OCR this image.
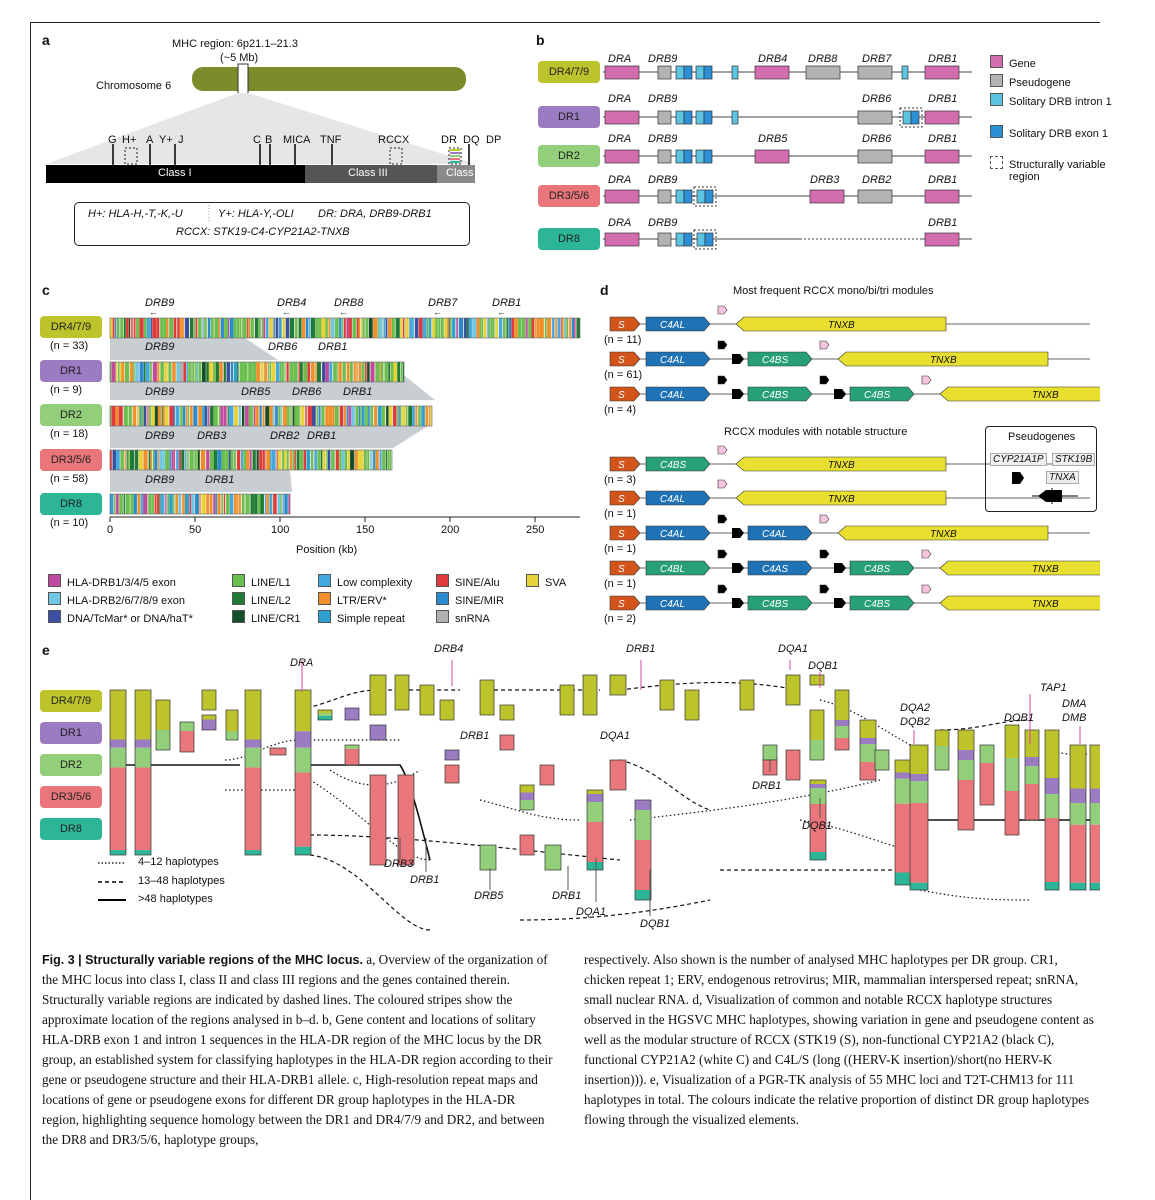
a	MHC region: 6p21.1–21.3
(~5 Mb)
Chromosome 6
G H+ A Y+ J	C B MICA TNF	RCCX	DR DQ DP
Class I	Class III	Class II
H+: HLA-H,-T,-K,-U	Y+: HLA-Y,-OLI DR: DRA, DRB9-DRB1
RCCX: STK19-C4-CYP21A2-TNXB
b
DR4/7/9
DR1
DR2
DR3/5/6
DR8
DRA DRB9	DRB4 DRB8 DRB7	DRB1
DRA DRB9	DRB6	DRB1
DRA DRB9	DRB5	DRB6	DRB1
DRA DRB9	DRB3 DRB2	DRB1
DRA DRB9	DRB1
Gene
Pseudogene
Solitary DRB intron 1
Solitary DRB exon 1
Structurally variable region
c
DR4/7/9
(n = 33)
DR1
(n = 9)
DR2
(n = 18)
DR3/5/6
(n = 58)
DR8
(n = 10)
0	50	100	150	200	250
Position (kb)
DRB9	DRB4	DRB8	DRB7	DRB1
DRB9	DRB6 DRB1
DRB9	DRB5 DRB6 DRB1
DRB9 DRB3	DRB2 DRB1
DRB9	DRB1
←	←	←	←	←
HLA-DRB1/3/4/5 exon	LINE/L1	Low complexity	SINE/Alu	SVA
HLA-DRB2/6/7/8/9 exon	LINE/L2	LTR/ERV*	SINE/MIR
DNA/TcMar* or DNA/haT*	LINE/CR1	Simple repeat	snRNA
d	Most frequent RCCX mono/bi/tri modules
RCCX modules with notable structure
S	C4AL	TNXB
S	C4AL	C4BS	TNXB
S	C4AL	C4BS	C4BS	TNXB
S	C4BS	TNXB
S	C4AL	TNXB
S	C4AL	C4AL	TNXB
S	C4BL	C4AS	C4BS	TNXB
S	C4AL	C4BS	C4BS	TNXB
(n = 11)
(n = 61)
(n = 4)
(n = 3)
(n = 1)
(n = 1)
(n = 1)
(n = 2)
Pseudogenes
CYP21A1P	STK19B
TNXA
e
DR4/7/9
DR1
DR2
DR3/5/6
DR8
DRA
DRB4	DRB1	DQA1
DQB1
DRB1	DQA1
DQA2
DQB2
DRB1
TAP1
DMA
DMB
DOB1
DQB1
DRB3
DRB1
DRB5	DRB1
DQA1
DQB1
4–12 haplotypes
13–48 haplotypes
>48 haplotypes
Fig. 3 | Structurally variable regions of the MHC locus. a, Overview of the organization of the MHC locus into class I, class II and class III regions and the genes contained therein. Structurally variable regions are indicated by dashed lines. The coloured stripes show the approximate location of the regions analysed in b–d. b, Gene content and locations of solitary HLA-DRB exon 1 and intron 1 sequences in the HLA-DR region of the MHC locus by the DR group, an established system for classifying haplotypes in the HLA-DR region according to their gene or pseudogene structure and their HLA-DRB1 allele. c, High-resolution repeat maps and locations of gene or pseudogene exons for different DR group haplotypes in the HLA-DR region, highlighting sequence homology between the DR1 and DR4/7/9 and DR2, and between the DR8 and DR3/5/6, haplotype groups,
respectively. Also shown is the number of analysed MHC haplotypes per DR group. CR1, chicken repeat 1; ERV, endogenous retrovirus; MIR, mammalian interspersed repeat; snRNA, small nuclear RNA. d, Visualization of common and notable RCCX haplotype structures observed in the HGSVC MHC haplotypes, showing variation in gene and pseudogene content as well as the modular structure of RCCX (STK19 (S), non-functional CYP21A2 (black C), functional CYP21A2 (white C) and C4L/S (long ((HERV-K insertion)/short(no HERV-K insertion))). e, Visualization of a PGR-TK analysis of 55 MHC loci and T2T-CHM13 for 111 haplotypes in total. The colours indicate the relative proportion of distinct DR group haplotypes flowing through the visualized elements.
